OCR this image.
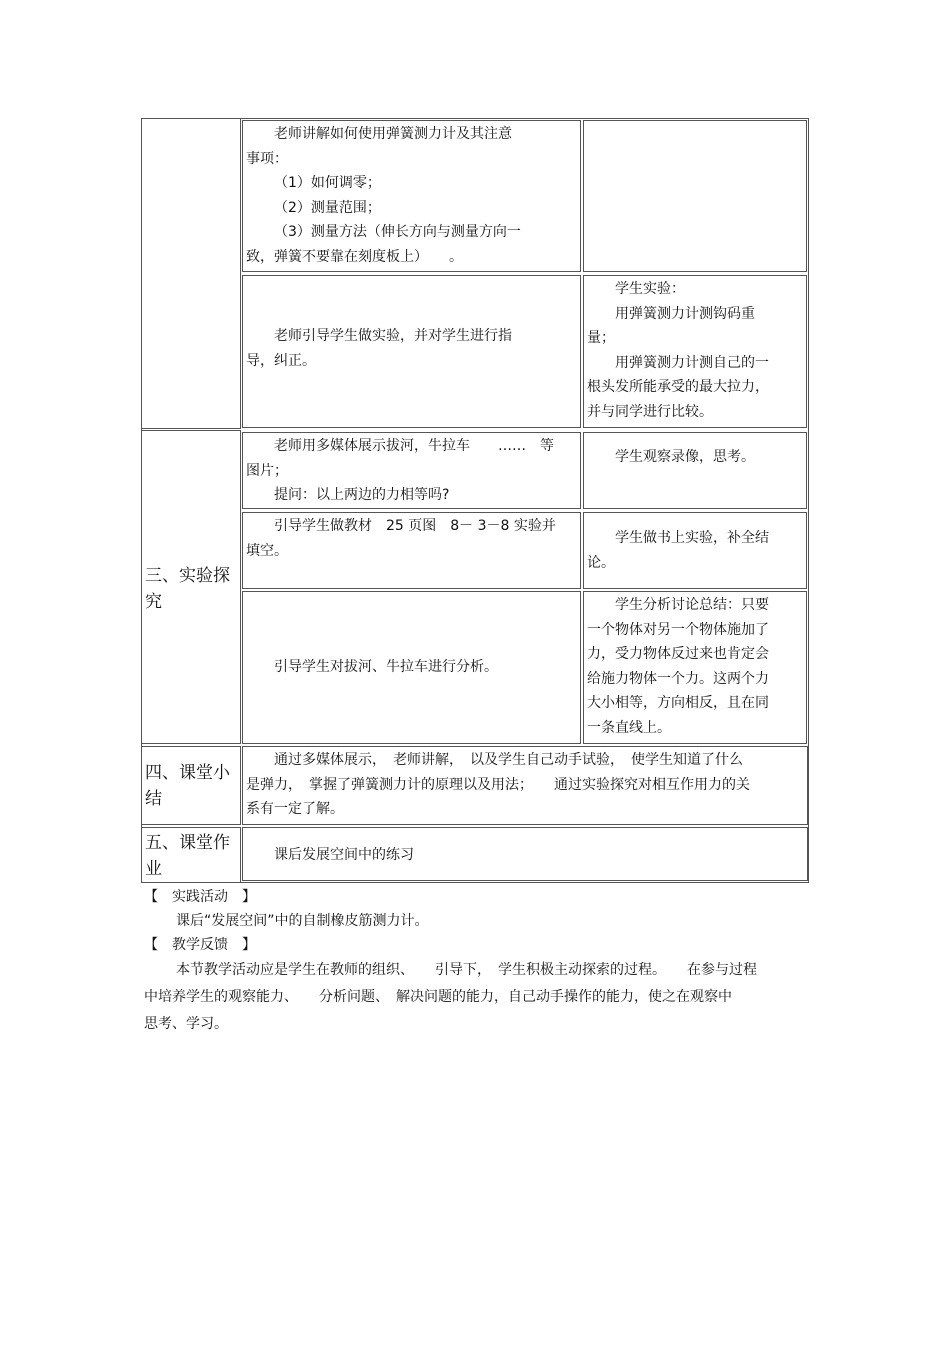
老师讲解如何使用弹簧测力计及其注意

事项：

（1）如何调零；

（2）测量范围；

（3）测量方法（伸长方向与测量方向一

致，弹簧不要靠在刻度板上）　　。

老师引导学生做实验，并对学生进行指

导，纠正。

学生实验：

用弹簧测力计测钩码重

量；

用弹簧测力计测自己的一

根头发所能承受的最大拉力，

并与同学进行比较。

三、实验探

究

老师用多媒体展示拔河，牛拉车　　……　等

图片；

提问：以上两边的力相等吗?

学生观察录像，思考。

引导学生做教材　25 页图　8－ 3－8 实验并

填空。

学生做书上实验，补全结

论。

引导学生对拔河、牛拉车进行分析。

学生分析讨论总结：只要

一个物体对另一个物体施加了

力，受力物体反过来也肯定会

给施力物体一个力。这两个力

大小相等，方向相反，且在同

一条直线上。

四、课堂小

结

通过多媒体展示，　老师讲解，　以及学生自己动手试验，　使学生知道了什么

是弹力，　掌握了弹簧测力计的原理以及用法；　　通过实验探究对相互作用力的关

系有一定了解。

五、课堂作

业

课后发展空间中的练习

【　实践活动　】
课后“发展空间”中的自制橡皮筋测力计。
【　教学反馈　】
本节教学活动应是学生在教师的组织、　　引导下，　学生积极主动探索的过程。　　在参与过程
中培养学生的观察能力、　　分析问题、　解决问题的能力，自己动手操作的能力，使之在观察中
思考、学习。
